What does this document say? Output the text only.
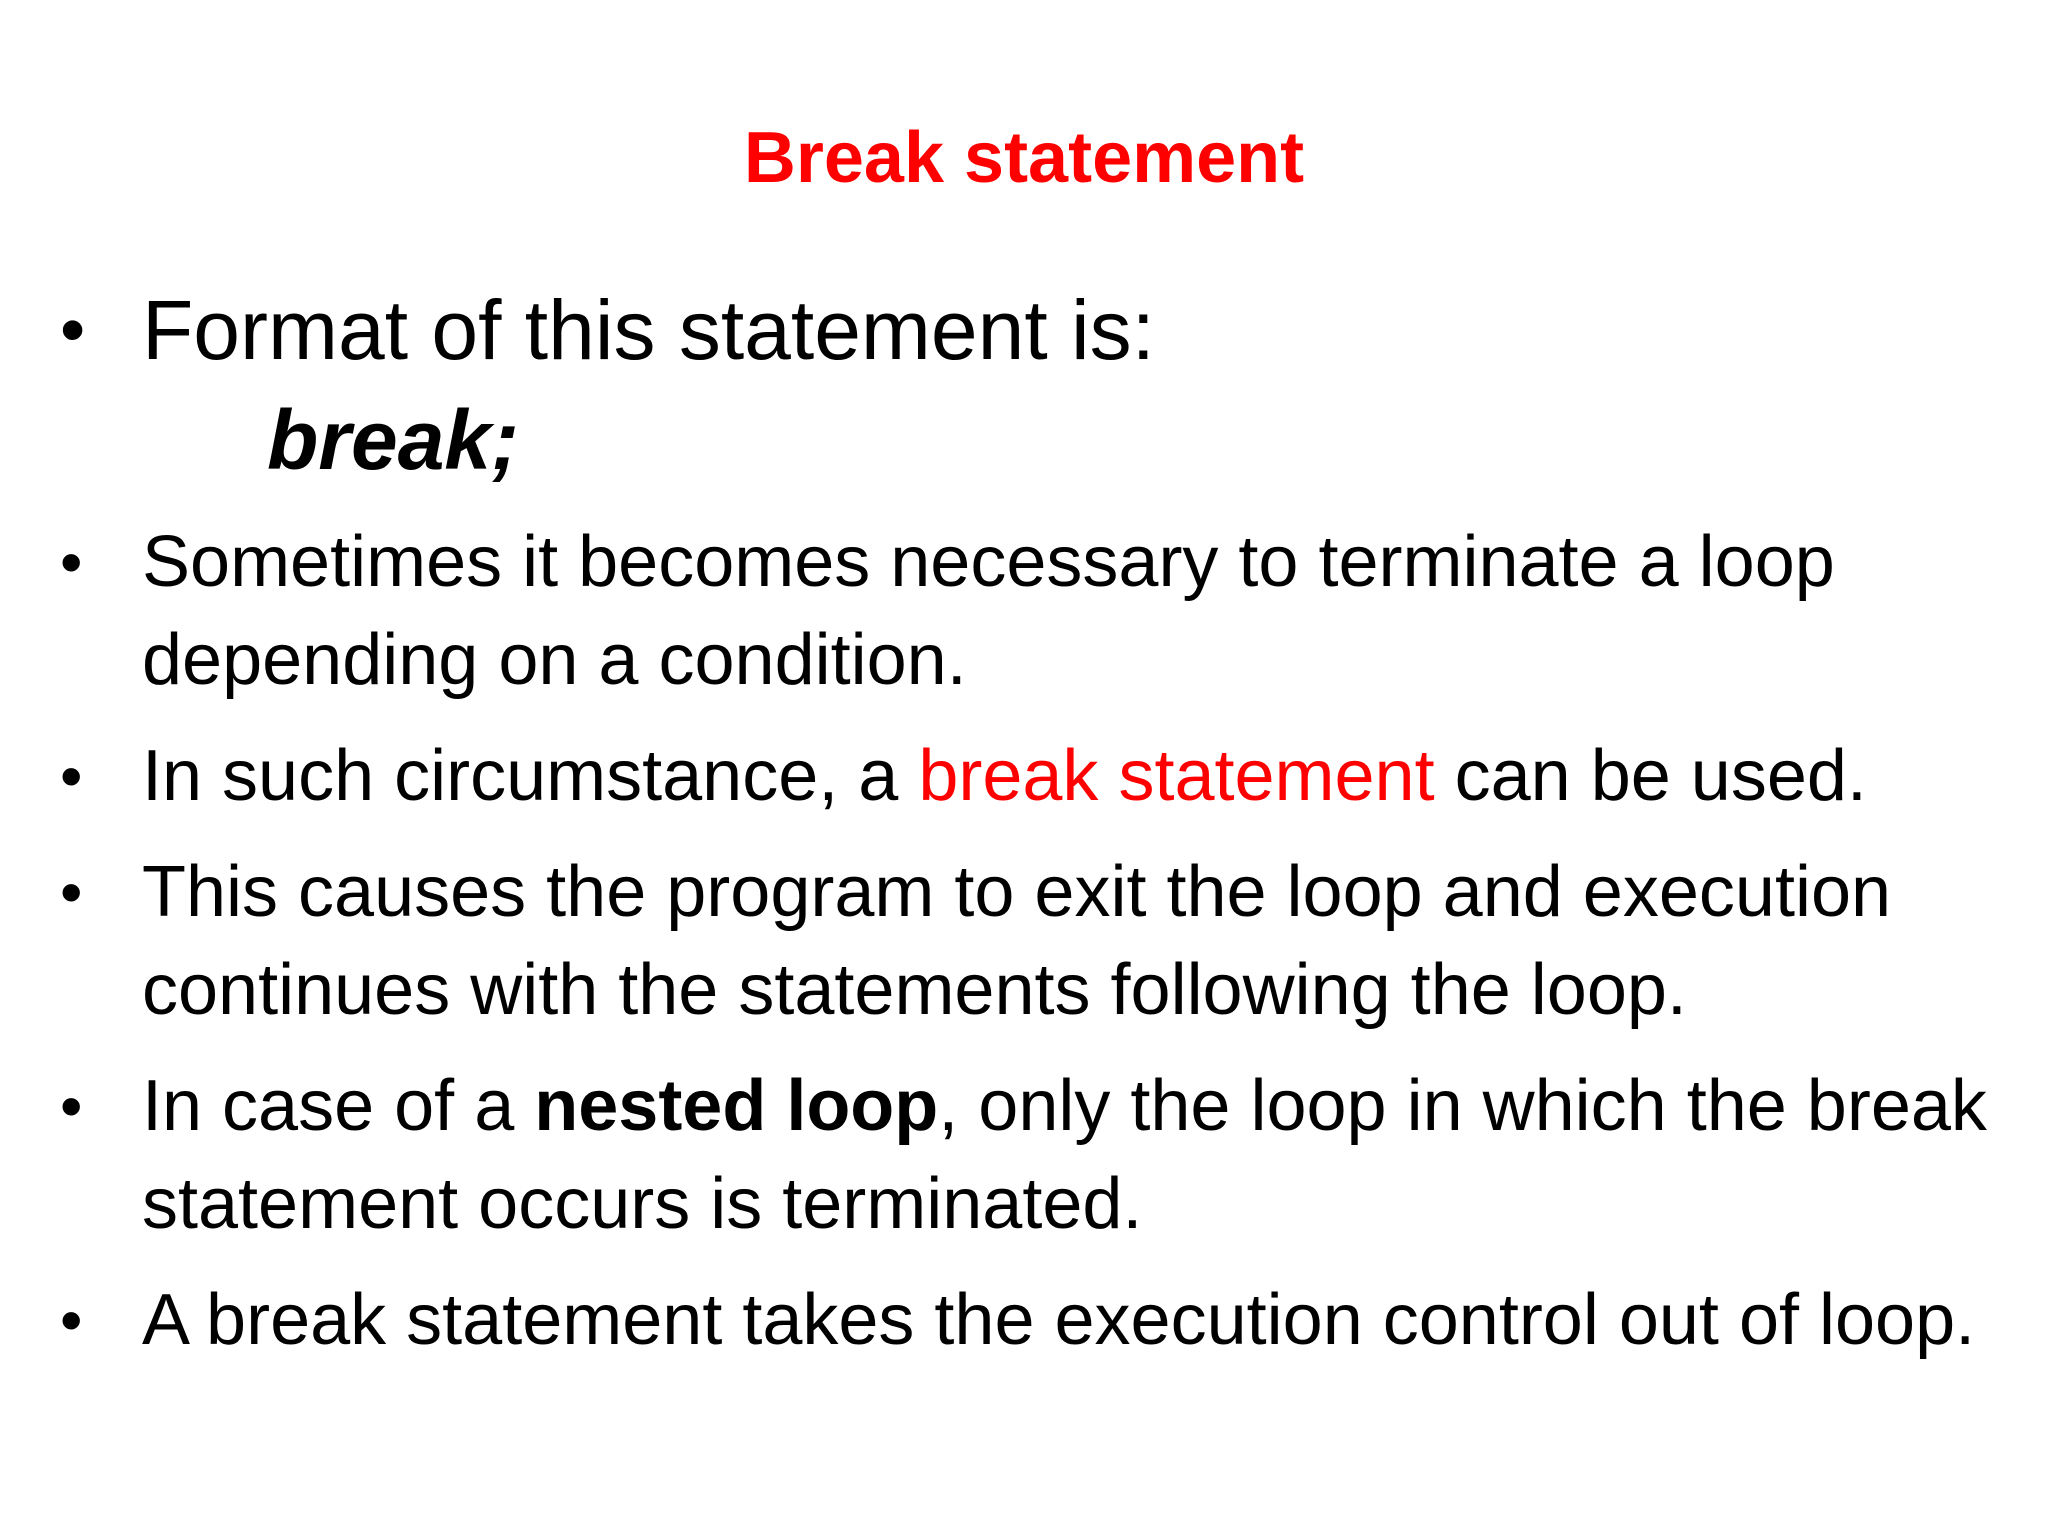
Break statement
• Format of this statement is:
break;
• Sometimes it becomes necessary to terminate a loop depending on a condition.
• In such circumstance, a break statement can be used.
• This causes the program to exit the loop and execution continues with the statements following the loop.
• In case of a nested loop, only the loop in which the break statement occurs is terminated.
• A break statement takes the execution control out of loop.
